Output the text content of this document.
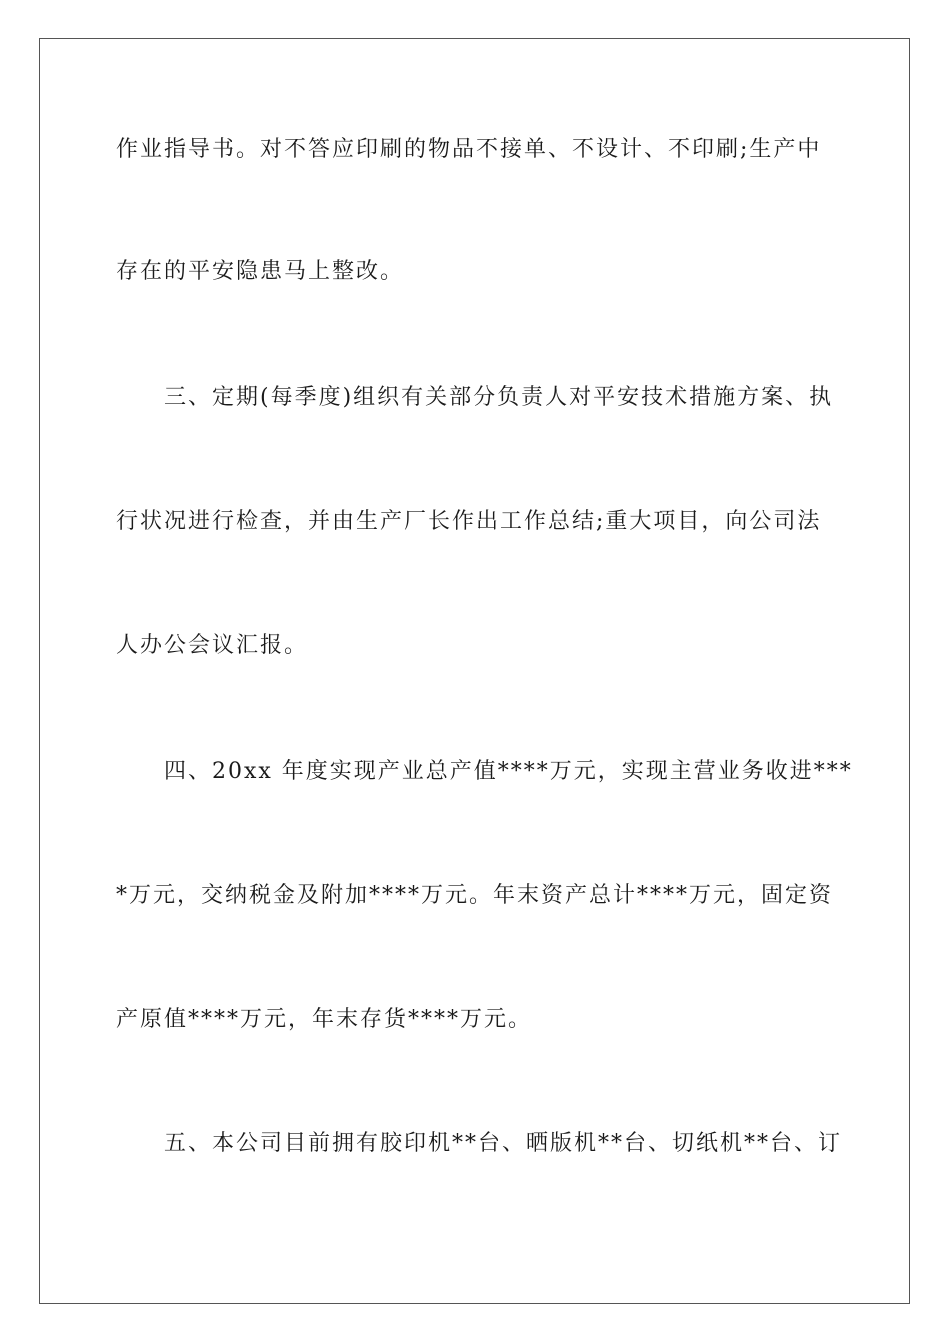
作业指导书。对不答应印刷的物品不接单、不设计、不印刷;生产中
存在的平安隐患马上整改。
　　三、定期(每季度)组织有关部分负责人对平安技术措施方案、执
行状况进行检查，并由生产厂长作出工作总结;重大项目，向公司法
人办公会议汇报。
　　四、20xx 年度实现产业总产值****万元，实现主营业务收进***
*万元，交纳税金及附加****万元。年末资产总计****万元，固定资
产原值****万元，年末存货****万元。
　　五、本公司目前拥有胶印机**台、晒版机**台、切纸机**台、订
